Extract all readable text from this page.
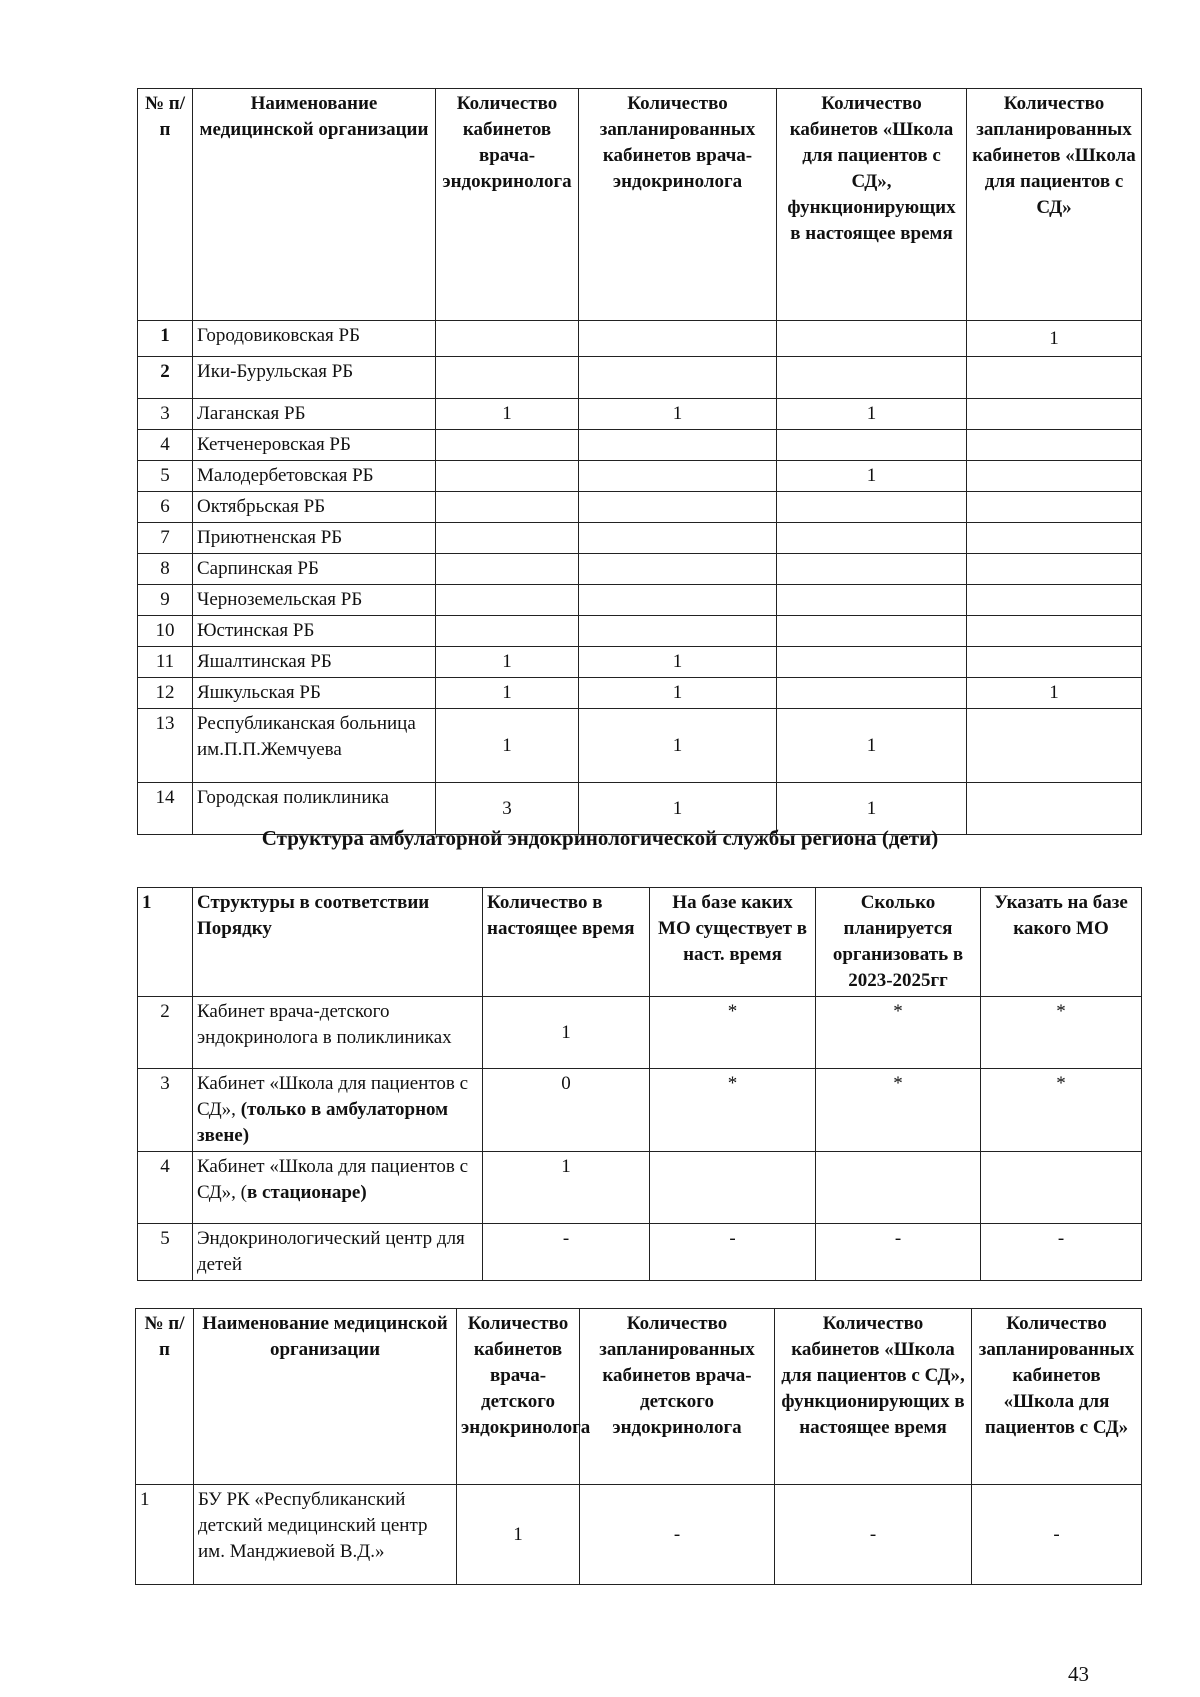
№ п/п	Наименование медицинской организации	Количество кабинетов врача-эндокринолога	Количество запланированных кабинетов врача-эндокринолога	Количество кабинетов «Школа для пациентов с СД», функционирующих в настоящее время	Количество запланированных кабинетов «Школа для пациентов с СД»
1	Городовиковская РБ				1
2	Ики-Бурульская РБ				
3	Лаганская РБ	1	1	1	
4	Кетченеровская РБ				
5	Малодербетовская РБ			1	
6	Октябрьская РБ				
7	Приютненская РБ				
8	Сарпинская РБ				
9	Черноземельская РБ				
10	Юстинская РБ				
11	Яшалтинская РБ	1	1		
12	Яшкульская РБ	1	1		1
13	Республиканская больница им.П.П.Жемчуева	1	1	1	
14	Городская поликлиника	3	1	1	
Структура амбулаторной эндокринологической службы региона (дети)
1	Структуры в соответствии Порядку	Количество в настоящее время	На базе каких МО существует в наст. время	Сколько планируется организовать в 2023-2025гг	Указать на базе какого МО
2	Кабинет врача-детского эндокринолога в поликлиниках	1	*	*	*
3	Кабинет «Школа для пациентов с СД», (только в амбулаторном звене)	0	*	*	*
4	Кабинет «Школа для пациентов с СД», (в стационаре)	1			
5	Эндокринологический центр для детей	-	-	-	-
№ п/п	Наименование медицинской организации	Количество кабинетов врача-детского эндокринолога	Количество запланированных кабинетов врача-детского эндокринолога	Количество кабинетов «Школа для пациентов с СД», функционирующих в настоящее время	Количество запланированных кабинетов «Школа для пациентов с СД»
1	БУ РК «Республиканский детский медицинский центр им. Манджиевой В.Д.»	1	-	-	-
43
